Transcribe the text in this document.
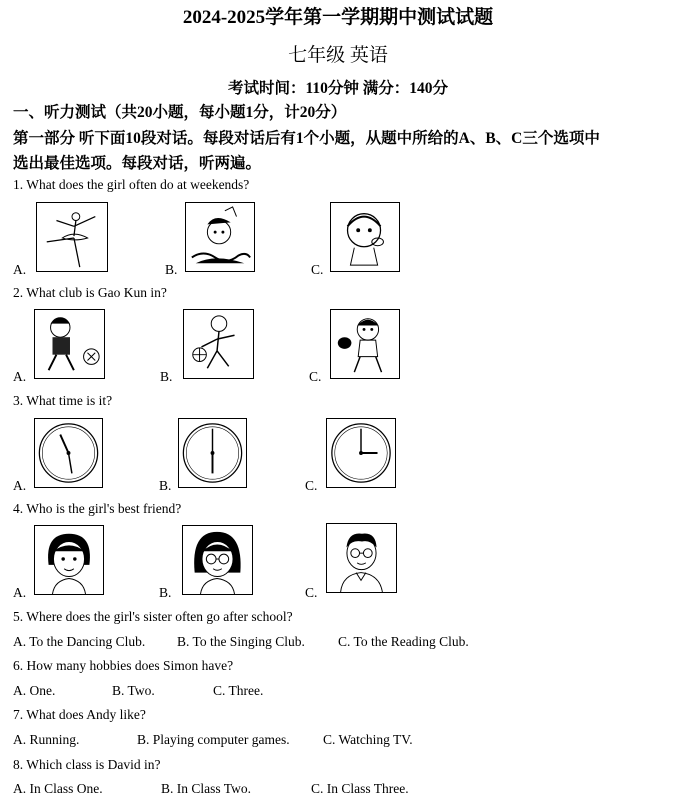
2024-2025学年第一学期期中测试试题
七年级 英语
考试时间：110分钟 满分：140分
一、听力测试（共20小题，每小题1分，计20分）
第一部分 听下面10段对话。每段对话后有1个小题，从题中所给的A、B、C三个选项中
选出最佳选项。每段对话，听两遍。
1. What does the girl often do at weekends?
A.	B.	C.
2. What club is Gao Kun in?
A.	B.	C.
3. What time is it?
A.	B.	C.
4. Who is the girl's best friend?
A.	B.	C.
5. Where does the girl's sister often go after school?
A. To the Dancing Club. B. To the Singing Club. C. To the Reading Club.
6. How many hobbies does Simon have?
A. One.	B. Two.	C. Three.
7. What does Andy like?
A. Running.	B. Playing computer games. C. Watching TV.
8. Which class is David in?
A. In Class One.	B. In Class Two.	C. In Class Three.
